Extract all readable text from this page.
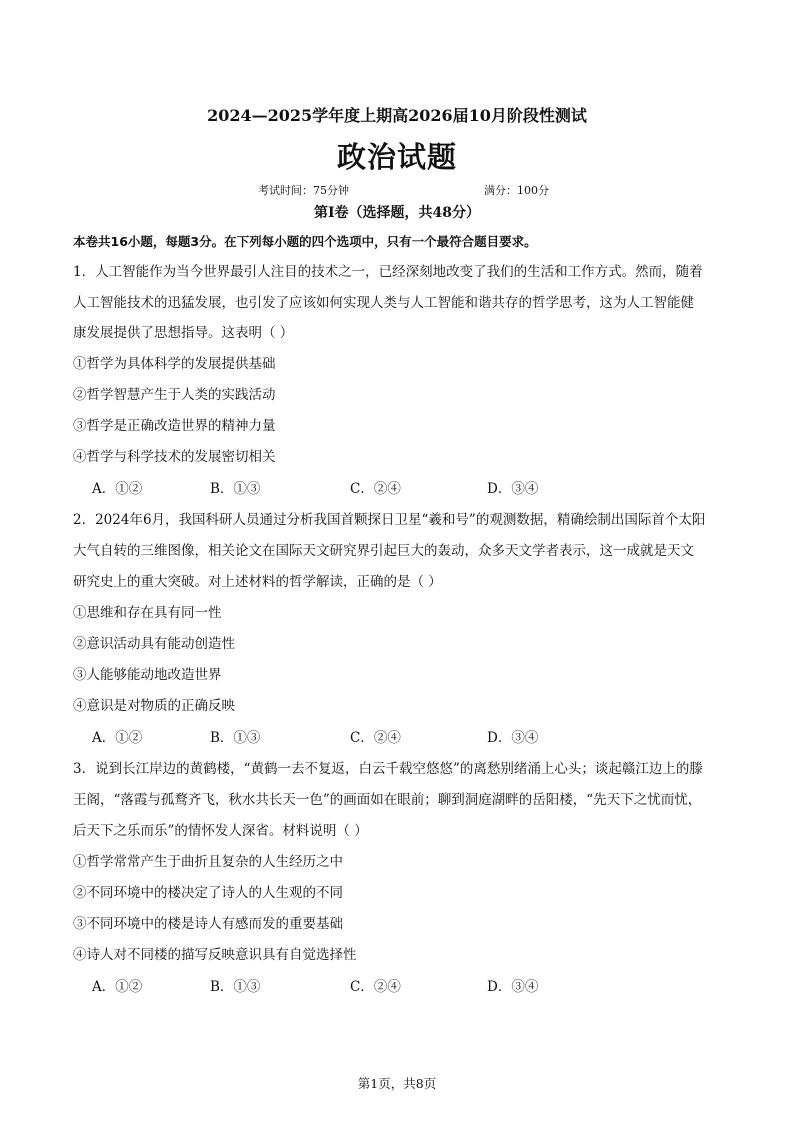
2024—2025学年度上期高2026届10月阶段性测试
政治试题
考试时间：75分钟	满分：100分
第Ⅰ卷（选择题，共48分）
本卷共16小题，每题3分。在下列每小题的四个选项中，只有一个最符合题目要求。
1．人工智能作为当今世界最引人注目的技术之一，已经深刻地改变了我们的生活和工作方式。然而，随着
人工智能技术的迅猛发展，也引发了应该如何实现人类与人工智能和谐共存的哲学思考，这为人工智能健
康发展提供了思想指导。这表明（ ）
①哲学为具体科学的发展提供基础
②哲学智慧产生于人类的实践活动
③哲学是正确改造世界的精神力量
④哲学与科学技术的发展密切相关
A．①②	B．①③	C．②④	D．③④
2．2024年6月，我国科研人员通过分析我国首颗探日卫星“羲和号”的观测数据，精确绘制出国际首个太阳
大气自转的三维图像，相关论文在国际天文研究界引起巨大的轰动，众多天文学者表示，这一成就是天文
研究史上的重大突破。对上述材料的哲学解读，正确的是（ ）
①思维和存在具有同一性
②意识活动具有能动创造性
③人能够能动地改造世界
④意识是对物质的正确反映
A．①②	B．①③	C．②④	D．③④
3．说到长江岸边的黄鹤楼，“黄鹤一去不复返，白云千载空悠悠”的离愁别绪涌上心头；谈起赣江边上的滕
王阁，“落霞与孤鹜齐飞，秋水共长天一色”的画面如在眼前；聊到洞庭湖畔的岳阳楼，“先天下之忧而忧，
后天下之乐而乐”的情怀发人深省。材料说明（ ）
①哲学常常产生于曲折且复杂的人生经历之中
②不同环境中的楼决定了诗人的人生观的不同
③不同环境中的楼是诗人有感而发的重要基础
④诗人对不同楼的描写反映意识具有自觉选择性
A．①②	B．①③	C．②④	D．③④
第1页，共8页
